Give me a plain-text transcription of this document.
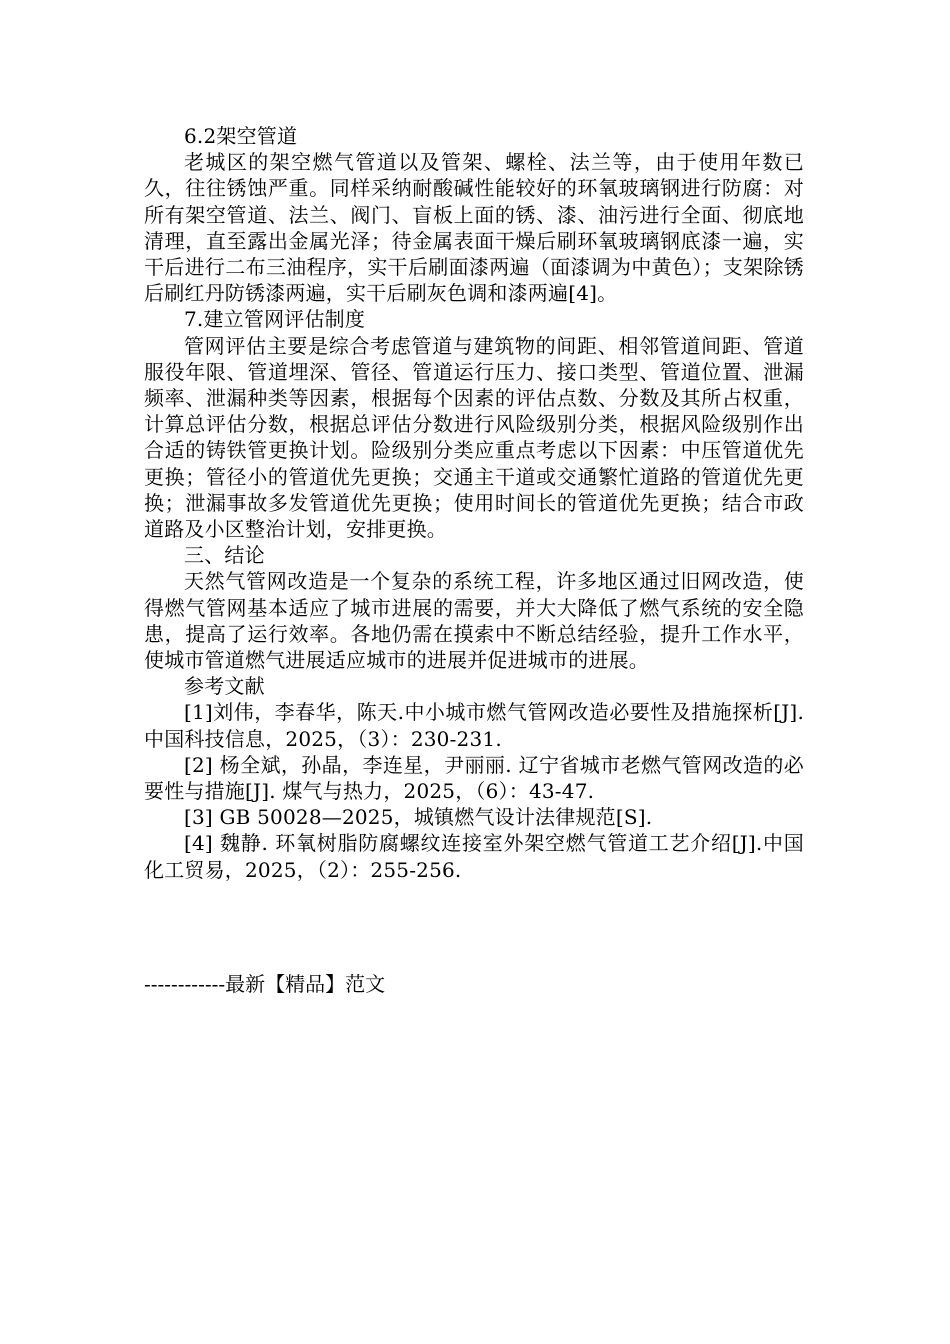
6.2架空管道

老城区的架空燃气管道以及管架、螺栓、法兰等，由于使用年数已久，往往锈蚀严重。同样采纳耐酸碱性能较好的环氧玻璃钢进行防腐：对所有架空管道、法兰、阀门、盲板上面的锈、漆、油污进行全面、彻底地清理，直至露出金属光泽；待金属表面干燥后刷环氧玻璃钢底漆一遍，实干后进行二布三油程序，实干后刷面漆两遍（面漆调为中黄色）；支架除锈后刷红丹防锈漆两遍，实干后刷灰色调和漆两遍[4]。

7.建立管网评估制度

管网评估主要是综合考虑管道与建筑物的间距、相邻管道间距、管道服役年限、管道埋深、管径、管道运行压力、接口类型、管道位置、泄漏频率、泄漏种类等因素，根据每个因素的评估点数、分数及其所占权重，计算总评估分数，根据总评估分数进行风险级别分类，根据风险级别作出合适的铸铁管更换计划。险级别分类应重点考虑以下因素：中压管道优先更换；管径小的管道优先更换；交通主干道或交通繁忙道路的管道优先更换；泄漏事故多发管道优先更换；使用时间长的管道优先更换；结合市政道路及小区整治计划，安排更换。

三、结论

天然气管网改造是一个复杂的系统工程，许多地区通过旧网改造，使得燃气管网基本适应了城市进展的需要，并大大降低了燃气系统的安全隐患，提高了运行效率。各地仍需在摸索中不断总结经验，提升工作水平，使城市管道燃气进展适应城市的进展并促进城市的进展。

参考文献

[1]刘伟，李春华，陈天.中小城市燃气管网改造必要性及措施探析[J].中国科技信息，2025，（3）：230-231.

[2] 杨全斌，孙晶，李连星，尹丽丽. 辽宁省城市老燃气管网改造的必要性与措施[J]. 煤气与热力，2025，（6）：43-47.

[3] GB 50028—2025，城镇燃气设计法律规范[S].

[4] 魏静. 环氧树脂防腐螺纹连接室外架空燃气管道工艺介绍[J].中国化工贸易，2025，（2）：255-256.

------------最新【精品】范文
